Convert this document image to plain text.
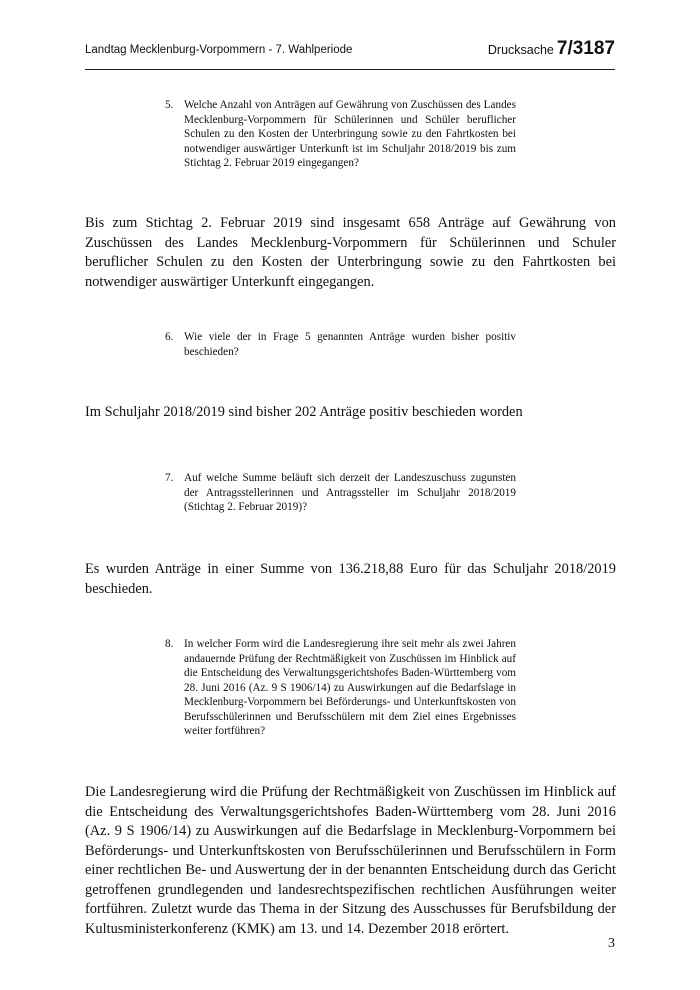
Landtag Mecklenburg-Vorpommern - 7. Wahlperiode	Drucksache 7/3187
5. Welche Anzahl von Anträgen auf Gewährung von Zuschüssen des Landes Mecklenburg-Vorpommern für Schülerinnen und Schüler beruflicher Schulen zu den Kosten der Unterbringung sowie zu den Fahrtkosten bei notwendiger auswärtiger Unterkunft ist im Schuljahr 2018/2019 bis zum Stichtag 2. Februar 2019 eingegangen?
Bis zum Stichtag 2. Februar 2019 sind insgesamt 658 Anträge auf Gewährung von Zuschüssen des Landes Mecklenburg-Vorpommern für Schülerinnen und Schuler beruflicher Schulen zu den Kosten der Unterbringung sowie zu den Fahrtkosten bei notwendiger auswärtiger Unterkunft eingegangen.
6. Wie viele der in Frage 5 genannten Anträge wurden bisher positiv beschieden?
Im Schuljahr 2018/2019 sind bisher 202 Anträge positiv beschieden worden
7. Auf welche Summe beläuft sich derzeit der Landeszuschuss zugunsten der Antragsstellerinnen und Antragssteller im Schuljahr 2018/2019 (Stichtag 2. Februar 2019)?
Es wurden Anträge in einer Summe von 136.218,88 Euro für das Schuljahr 2018/2019 beschieden.
8. In welcher Form wird die Landesregierung ihre seit mehr als zwei Jahren andauernde Prüfung der Rechtmäßigkeit von Zuschüssen im Hinblick auf die Entscheidung des Verwaltungsgerichtshofes Baden-Württemberg vom 28. Juni 2016 (Az. 9 S 1906/14) zu Auswirkungen auf die Bedarfslage in Mecklenburg-Vorpommern bei Beförderungs- und Unterkunftskosten von Berufsschülerinnen und Berufsschülern mit dem Ziel eines Ergebnisses weiter fortführen?
Die Landesregierung wird die Prüfung der Rechtmäßigkeit von Zuschüssen im Hinblick auf die Entscheidung des Verwaltungsgerichtshofes Baden-Württemberg vom 28. Juni 2016 (Az. 9 S 1906/14) zu Auswirkungen auf die Bedarfslage in Mecklenburg-Vorpommern bei Beförderungs- und Unterkunftskosten von Berufsschülerinnen und Berufsschülern in Form einer rechtlichen Be- und Auswertung der in der benannten Entscheidung durch das Gericht getroffenen grundlegenden und landesrechtspezifischen rechtlichen Ausführungen weiter fortführen. Zuletzt wurde das Thema in der Sitzung des Ausschusses für Berufsbildung der Kultusministerkonferenz (KMK) am 13. und 14. Dezember 2018 erörtert.
3
